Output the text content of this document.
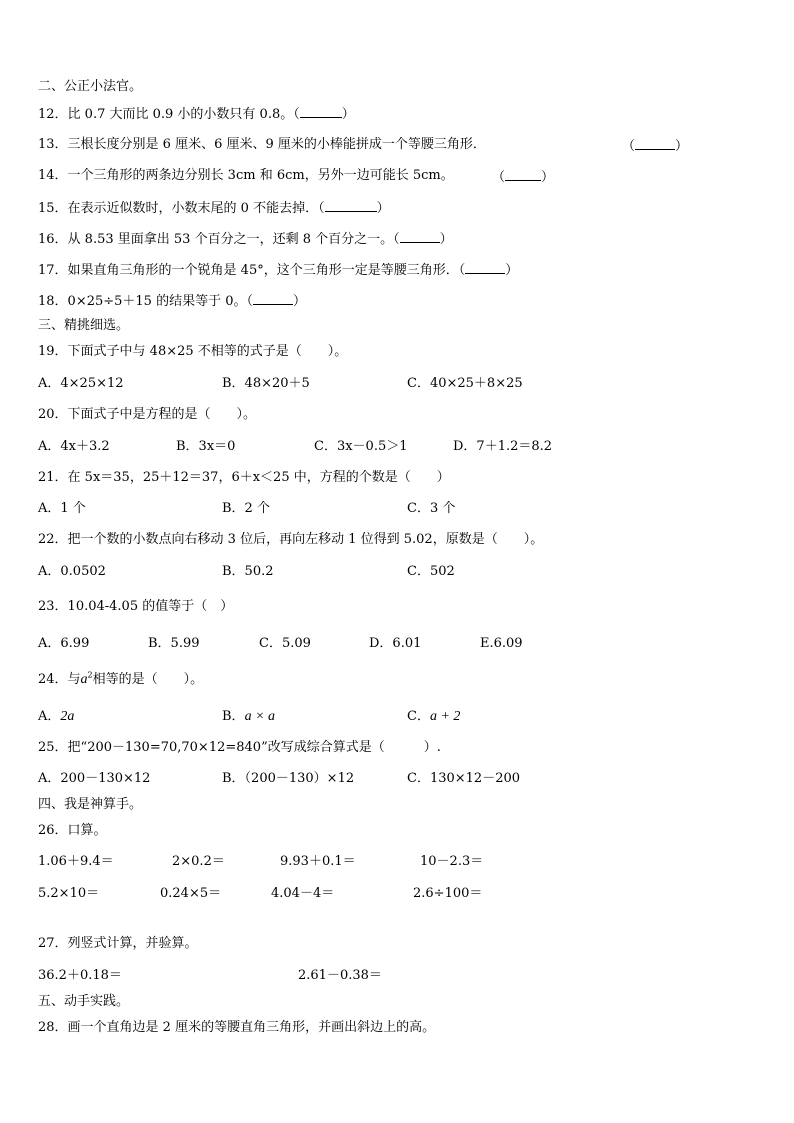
二、公正小法官。
12．比 0.7 大而比 0.9 小的小数只有 0.8。（	）
13．三根长度分别是 6 厘米、6 厘米、9 厘米的小棒能拼成一个等腰三角形．	（	）
14．一个三角形的两条边分别长 3cm 和 6cm，另外一边可能长 5cm。	（	）
15．在表示近似数时，小数末尾的 0 不能去掉．（	）
16．从 8.53 里面拿出 53 个百分之一，还剩 8 个百分之一。（	）
17．如果直角三角形的一个锐角是 45°，这个三角形一定是等腰三角形．（	）
18．0×25÷5＋15 的结果等于 0。（	）
三、精挑细选。
19．下面式子中与 48×25 不相等的式子是（　　）。
A．4×25×12	B．48×20＋5	C．40×25＋8×25
20．下面式子中是方程的是（　　）。
A．4x＋3.2	B．3x＝0	C．3x－0.5＞1	D．7＋1.2＝8.2
21．在 5x＝35，25＋12＝37，6＋x＜25 中，方程的个数是（　　）
A．1 个	B．2 个	C．3 个
22．把一个数的小数点向右移动 3 位后，再向左移动 1 位得到 5.02，原数是（　　）。
A．0.0502	B．50.2	C．502
23．10.04-4.05 的值等于（　）
A．6.99	B．5.99	C．5.09	D．6.01	E.6.09
24．与$a^2$相等的是（　　）。
A．2a	B．a × a	C．a + 2
25．把“200－130=70,70×12=840”改写成综合算式是（　　　）.
A．200－130×12	B．（200－130）×12	C．130×12－200
四、我是神算手。
26．口算。
1.06＋9.4＝	2×0.2＝	9.93＋0.1＝	10－2.3＝
5.2×10＝	0.24×5＝	4.04－4＝	2.6÷100＝
27．列竖式计算，并验算。
36.2＋0.18＝	2.61－0.38＝
五、动手实践。
28．画一个直角边是 2 厘米的等腰直角三角形，并画出斜边上的高。
